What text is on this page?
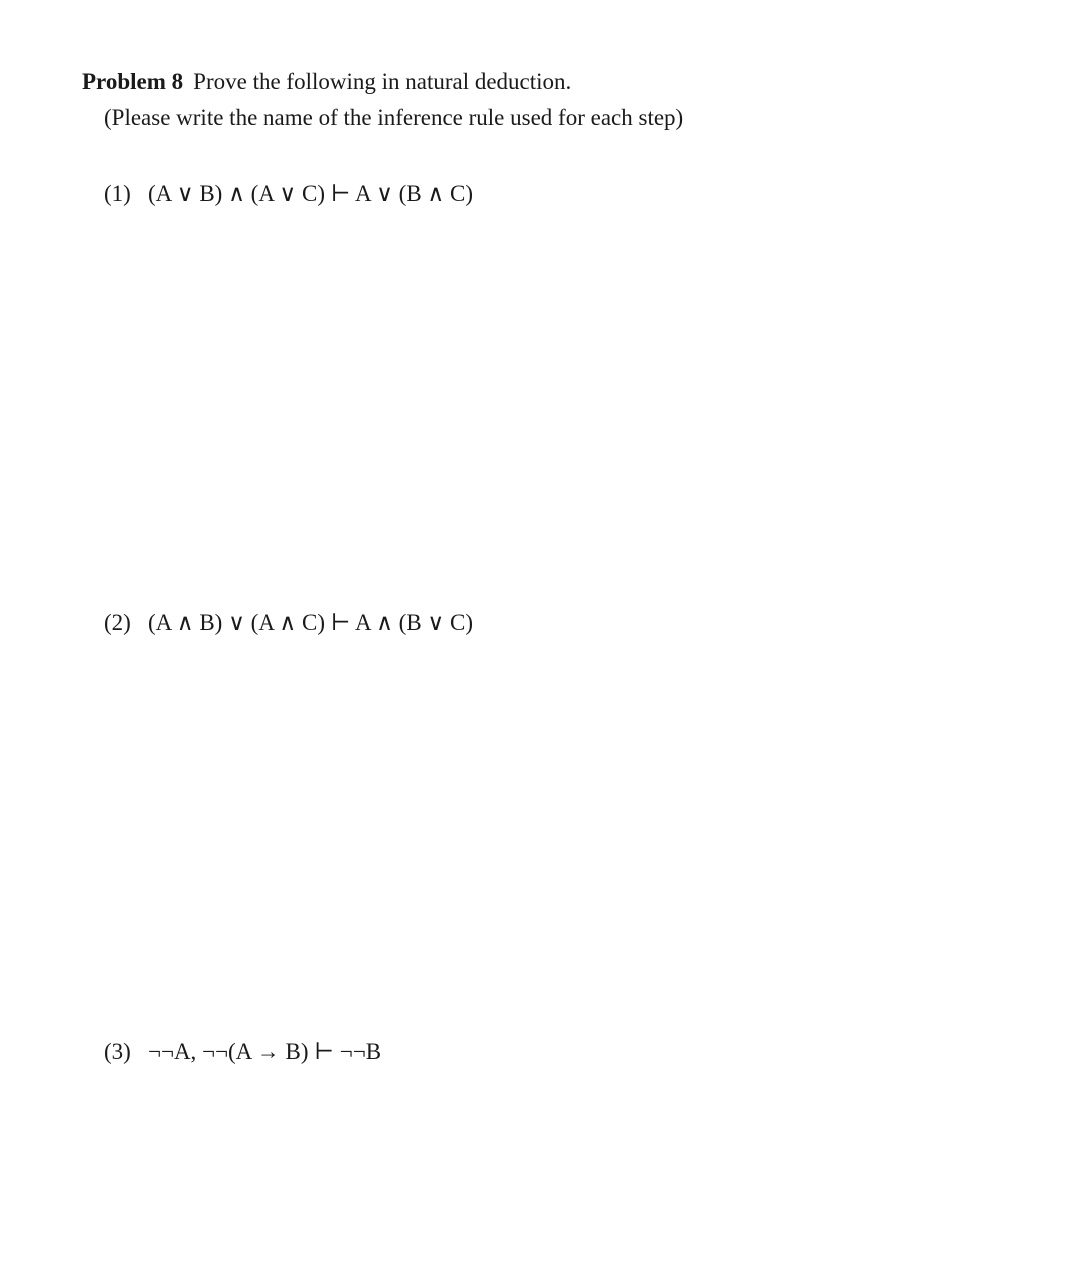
Problem 8 Prove the following in natural deduction.
(Please write the name of the inference rule used for each step)
(1) (A ∨ B) ∧ (A ∨ C) ⊢ A ∨ (B ∧ C)
(2) (A ∧ B) ∨ (A ∧ C) ⊢ A ∧ (B ∨ C)
(3) ¬¬A, ¬¬(A → B) ⊢ ¬¬B
